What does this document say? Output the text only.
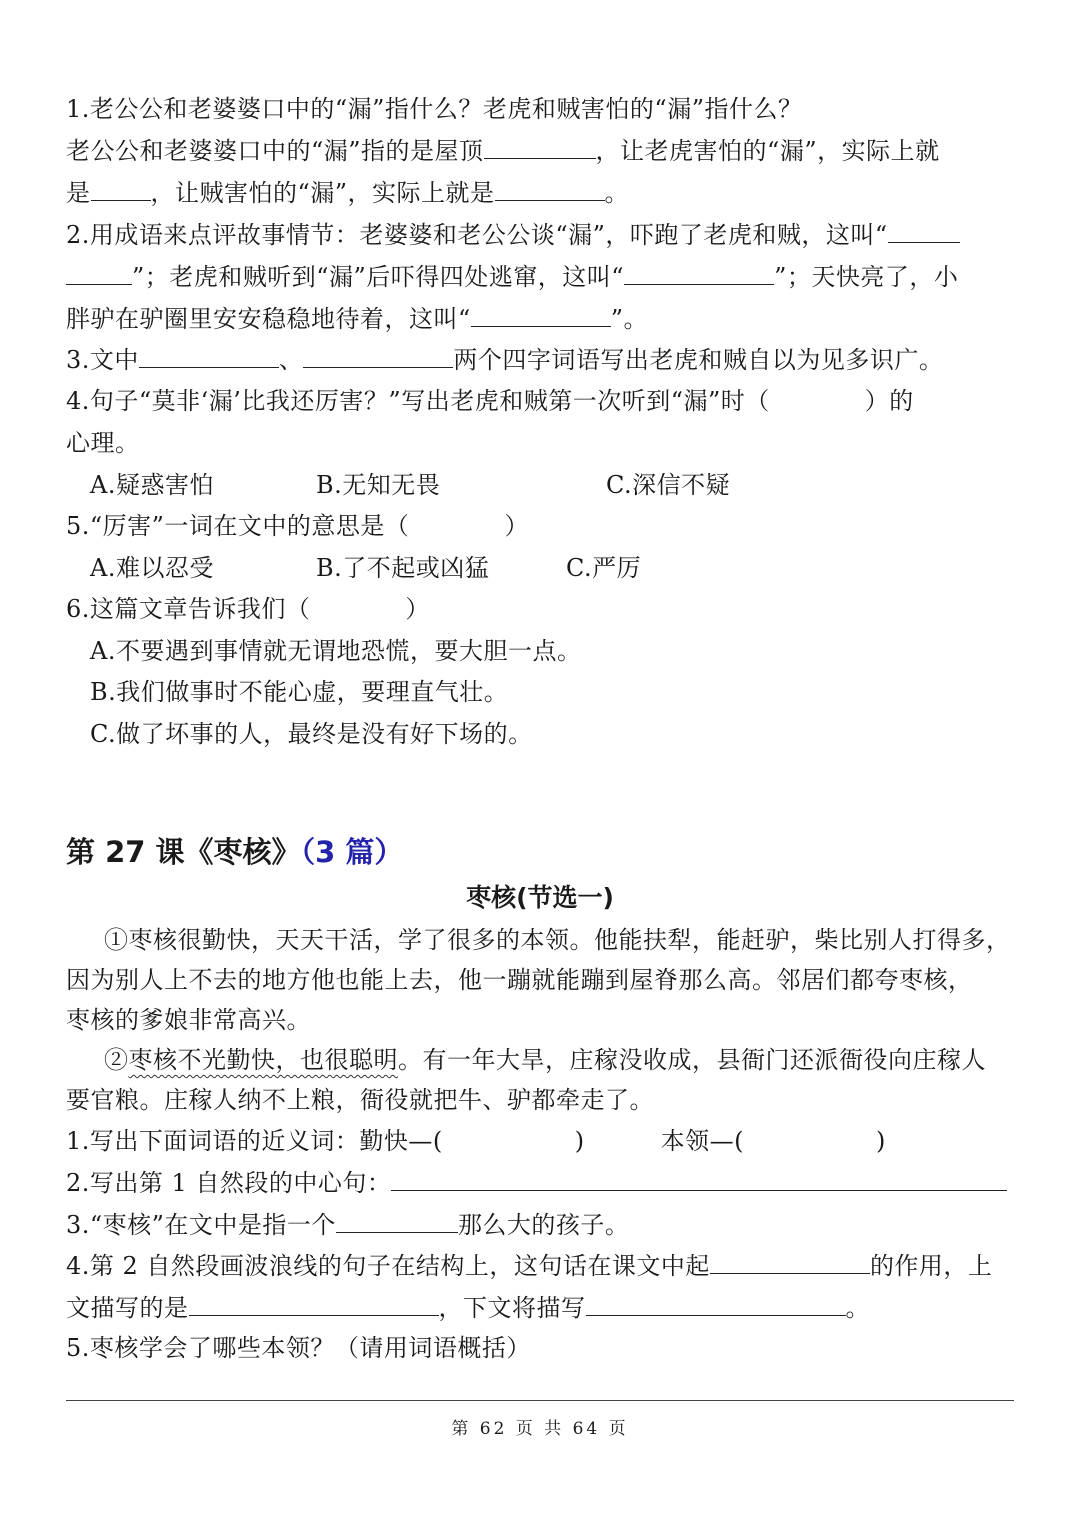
1.老公公和老婆婆口中的“漏”指什么？老虎和贼害怕的“漏”指什么？
老公公和老婆婆口中的“漏”指的是屋顶	，让老虎害怕的“漏”，实际上就
是	，让贼害怕的“漏”，实际上就是	。
2.用成语来点评故事情节：老婆婆和老公公谈“漏”，吓跑了老虎和贼，这叫“
”；老虎和贼听到“漏”后吓得四处逃窜，这叫“	”；天快亮了，小
胖驴在驴圈里安安稳稳地待着，这叫“	”。
3.文中	、	两个四字词语写出老虎和贼自以为见多识广。
4.句子“莫非‘漏’比我还厉害？”写出老虎和贼第一次听到“漏”时（	）的
心理。
A.疑惑害怕	B.无知无畏	C.深信不疑
5.“厉害”一词在文中的意思是（	）
A.难以忍受	B.了不起或凶猛	C.严厉
6.这篇文章告诉我们（	）
A.不要遇到事情就无谓地恐慌，要大胆一点。
B.我们做事时不能心虚，要理直气壮。
C.做了坏事的人，最终是没有好下场的。
第 27 课《枣核》（3 篇）
枣核(节选一)
①枣核很勤快，天天干活，学了很多的本领。他能扶犁，能赶驴，柴比别人打得多，
因为别人上不去的地方他也能上去，他一蹦就能蹦到屋脊那么高。邻居们都夸枣核，
枣核的爹娘非常高兴。
②枣核不光勤快，也很聪明。有一年大旱，庄稼没收成，县衙门还派衙役向庄稼人
要官粮。庄稼人纳不上粮，衙役就把牛、驴都牵走了。
1.写出下面词语的近义词：勤快—(	)	本领—(	)
2.写出第 1 自然段的中心句：
3.“枣核”在文中是指一个	那么大的孩子。
4.第 2 自然段画波浪线的句子在结构上，这句话在课文中起	的作用，上
文描写的是	，下文将描写	。
5.枣核学会了哪些本领？（请用词语概括）
第 62 页 共 64 页
